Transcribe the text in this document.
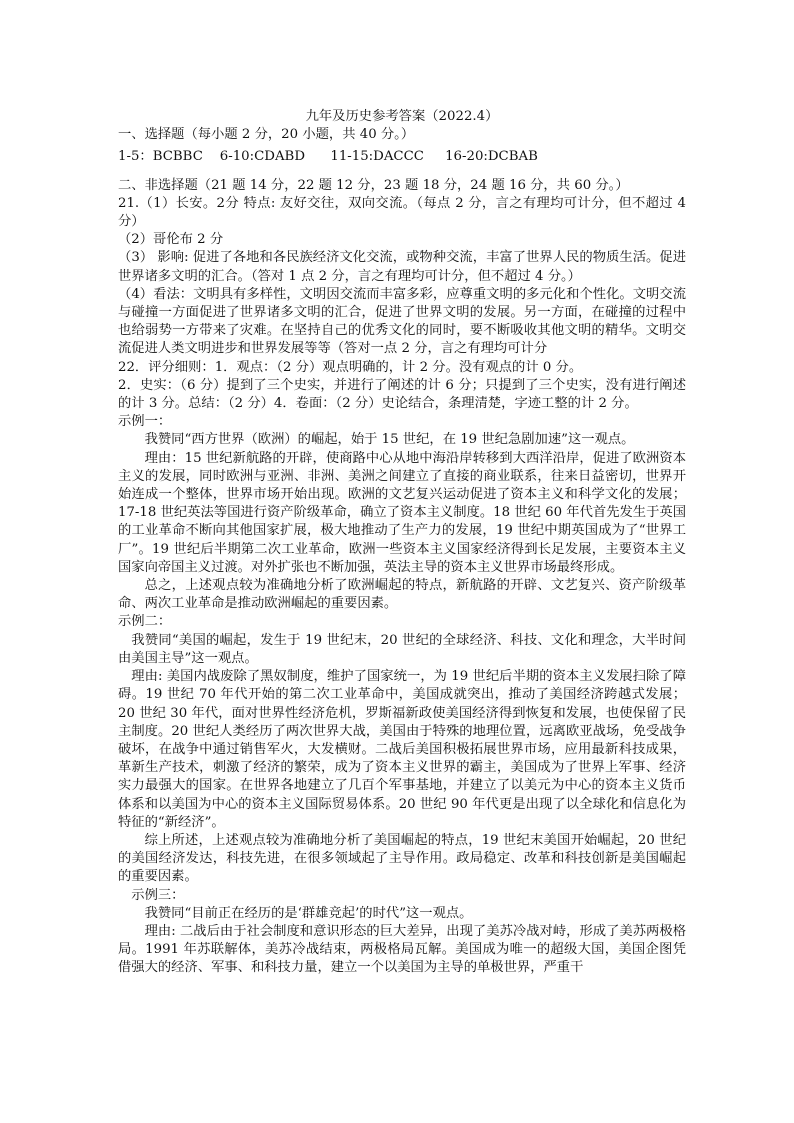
九年及历史参考答案（2022.4）

一、选择题（每小题 2 分，20 小题，共 40 分。）

1-5：BCBBC    6-10:CDABD      11-15:DACCC     16-20:DCBAB

二、非选择题（21 题 14 分，22 题 12 分，23 题 18 分，24 题 16 分，共 60 分。）

21.（1）长安。2分 特点: 友好交往，双向交流。（每点 2 分，言之有理均可计分，但不超过 4 分）

（2）哥伦布 2 分

（3） 影响: 促进了各地和各民族经济文化交流，或物种交流，丰富了世界人民的物质生活。促进世界诸多文明的汇合。（答对 1 点 2 分，言之有理均可计分，但不超过 4 分。）

（4）看法：文明具有多样性，文明因交流而丰富多彩，应尊重文明的多元化和个性化。文明交流与碰撞一方面促进了世界诸多文明的汇合，促进了世界文明的发展。另一方面，在碰撞的过程中也给弱势一方带来了灾难。在坚持自己的优秀文化的同时，要不断吸收其他文明的精华。文明交流促进人类文明进步和世界发展等等（答对一点 2 分，言之有理均可计分

22．评分细则：1．观点：（2 分）观点明确的，计 2 分。没有观点的计 0 分。

2．史实：（6 分）提到了三个史实，并进行了阐述的计 6 分；只提到了三个史实，没有进行阐述的计 3 分。总结：（2 分）4．卷面：（2 分）史论结合，条理清楚，字迹工整的计 2 分。

示例一：

我赞同“西方世界（欧洲）的崛起，始于 15 世纪，在 19 世纪急剧加速”这一观点。

理由：15 世纪新航路的开辟，使商路中心从地中海沿岸转移到大西洋沿岸，促进了欧洲资本主义的发展，同时欧洲与亚洲、非洲、美洲之间建立了直接的商业联系，往来日益密切，世界开始连成一个整体，世界市场开始出现。欧洲的文艺复兴运动促进了资本主义和科学文化的发展；17-18 世纪英法等国进行资产阶级革命，确立了资本主义制度。18 世纪 60 年代首先发生于英国的工业革命不断向其他国家扩展，极大地推动了生产力的发展，19 世纪中期英国成为了“世界工厂”。19 世纪后半期第二次工业革命，欧洲一些资本主义国家经济得到长足发展，主要资本主义国家向帝国主义过渡。对外扩张也不断加强，英法主导的资本主义世界市场最终形成。

总之，上述观点较为准确地分析了欧洲崛起的特点，新航路的开辟、文艺复兴、资产阶级革命、两次工业革命是推动欧洲崛起的重要因素。

示例二：

我赞同“美国的崛起，发生于 19 世纪末，20 世纪的全球经济、科技、文化和理念，大半时间由美国主导”这一观点。

理由: 美国内战废除了黑奴制度，维护了国家统一，为 19 世纪后半期的资本主义发展扫除了障碍。19 世纪 70 年代开始的第二次工业革命中，美国成就突出，推动了美国经济跨越式发展；20 世纪 30 年代，面对世界性经济危机，罗斯福新政使美国经济得到恢复和发展，也使保留了民主制度。20 世纪人类经历了两次世界大战，美国由于特殊的地理位置，远离欧亚战场，免受战争破坏，在战争中通过销售军火，大发横财。二战后美国积极拓展世界市场，应用最新科技成果，革新生产技术，刺激了经济的繁荣，成为了资本主义世界的霸主，美国成为了世界上军事、经济实力最强大的国家。在世界各地建立了几百个军事基地，并建立了以美元为中心的资本主义货币体系和以美国为中心的资本主义国际贸易体系。20 世纪 90 年代更是出现了以全球化和信息化为特征的“新经济”。

综上所述，上述观点较为准确地分析了美国崛起的特点，19 世纪末美国开始崛起，20 世纪的美国经济发达，科技先进，在很多领域起了主导作用。政局稳定、改革和科技创新是美国崛起的重要因素。

示例三：

我赞同“目前正在经历的是‘群雄竞起’的时代”这一观点。

理由: 二战后由于社会制度和意识形态的巨大差异，出现了美苏冷战对峙，形成了美苏两极格局。1991 年苏联解体，美苏冷战结束，两极格局瓦解。美国成为唯一的超级大国，美国企图凭借强大的经济、军事、和科技力量，建立一个以美国为主导的单极世界，严重干
